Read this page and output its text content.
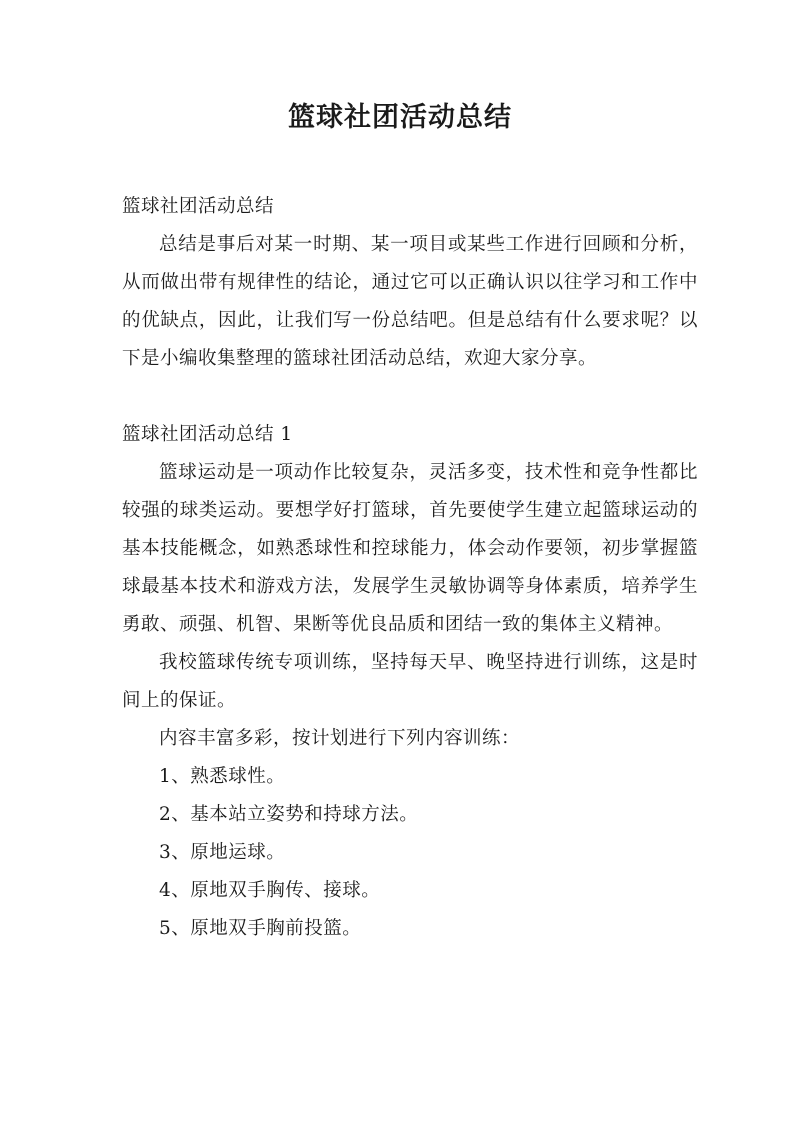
篮球社团活动总结

篮球社团活动总结

总结是事后对某一时期、某一项目或某些工作进行回顾和分析，从而做出带有规律性的结论，通过它可以正确认识以往学习和工作中的优缺点，因此，让我们写一份总结吧。但是总结有什么要求呢？以下是小编收集整理的篮球社团活动总结，欢迎大家分享。

篮球社团活动总结 1

篮球运动是一项动作比较复杂，灵活多变，技术性和竞争性都比较强的球类运动。要想学好打篮球，首先要使学生建立起篮球运动的基本技能概念，如熟悉球性和控球能力，体会动作要领，初步掌握篮球最基本技术和游戏方法，发展学生灵敏协调等身体素质，培养学生勇敢、顽强、机智、果断等优良品质和团结一致的集体主义精神。

我校篮球传统专项训练，坚持每天早、晚坚持进行训练，这是时间上的保证。

内容丰富多彩，按计划进行下列内容训练：

1、熟悉球性。

2、基本站立姿势和持球方法。

3、原地运球。

4、原地双手胸传、接球。

5、原地双手胸前投篮。
